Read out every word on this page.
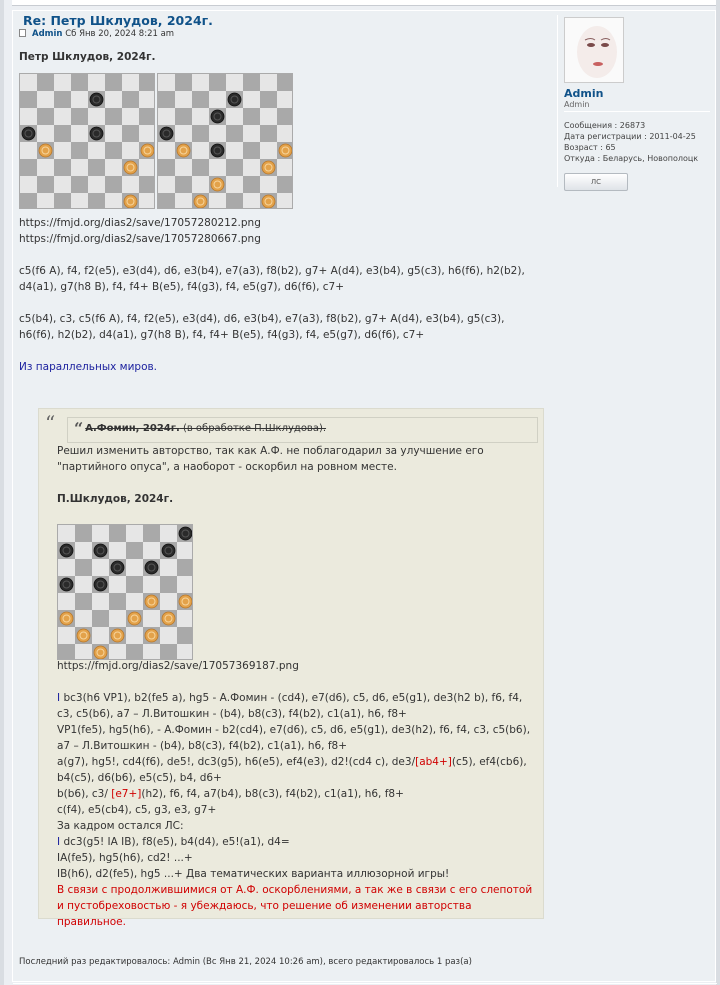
Re: Петр Шклудов, 2024г.
Admin Сб Янв 20, 2024 8:21 am
Петр Шклудов, 2024г.
https://fmjd.org/dias2/save/17057280212.png
https://fmjd.org/dias2/save/17057280667.png
c5(f6 A), f4, f2(e5), e3(d4), d6, e3(b4), e7(a3), f8(b2), g7+ A(d4), e3(b4), g5(c3), h6(f6), h2(b2), d4(a1), g7(h8 B), f4, f4+ B(e5), f4(g3), f4, e5(g7), d6(f6), c7+
c5(b4), c3, c5(f6 A), f4, f2(e5), e3(d4), d6, e3(b4), e7(a3), f8(b2), g7+ A(d4), e3(b4), g5(c3), h6(f6), h2(b2), d4(a1), g7(h8 B), f4, f4+ B(e5), f4(g3), f4, e5(g7), d6(f6), c7+
Из параллельных миров.
“	“ А.Фомин, 2024г. (в обработке П.Шклудова).
Решил изменить авторство, так как А.Ф. не поблагодарил за улучшение его "партийного опуса", а наоборот - оскорбил на ровном месте.
П.Шклудов, 2024г.
https://fmjd.org/dias2/save/17057369187.png
I bc3(h6 VP1), b2(fe5 a), hg5 - А.Фомин - (cd4), e7(d6), c5, d6, e5(g1), de3(h2 b), f6, f4, c3, c5(b6), a7 – Л.Витошкин - (b4), b8(c3), f4(b2), c1(a1), h6, f8+
VP1(fe5), hg5(h6), - А.Фомин - b2(cd4), e7(d6), c5, d6, e5(g1), de3(h2), f6, f4, c3, c5(b6), a7 – Л.Витошкин - (b4), b8(c3), f4(b2), c1(a1), h6, f8+
a(g7), hg5!, cd4(f6), de5!, dc3(g5), h6(e5), ef4(e3), d2!(cd4 c), de3/[ab4+](c5), ef4(cb6), b4(c5), d6(b6), e5(c5), b4, d6+
b(b6), c3/ [e7+](h2), f6, f4, a7(b4), b8(c3), f4(b2), c1(a1), h6, f8+
c(f4), e5(cb4), c5, g3, e3, g7+
За кадром остался ЛС:
I dc3(g5! IA IB), f8(e5), b4(d4), e5!(a1), d4=
IA(fe5), hg5(h6), cd2! ...+
IB(h6), d2(fe5), hg5 ...+ Два тематических варианта иллюзорной игры!
В связи с продолжившимися от А.Ф. оскорблениями, а так же в связи с его слепотой и пустобреховостью - я убеждаюсь, что решение об изменении авторства правильное.
Admin
Admin
Сообщения : 26873
Дата регистрации : 2011-04-25
Возраст : 65
Откуда : Беларусь, Новополоцк
ЛС
Последний раз редактировалось: Admin (Вс Янв 21, 2024 10:26 am), всего редактировалось 1 раз(а)
